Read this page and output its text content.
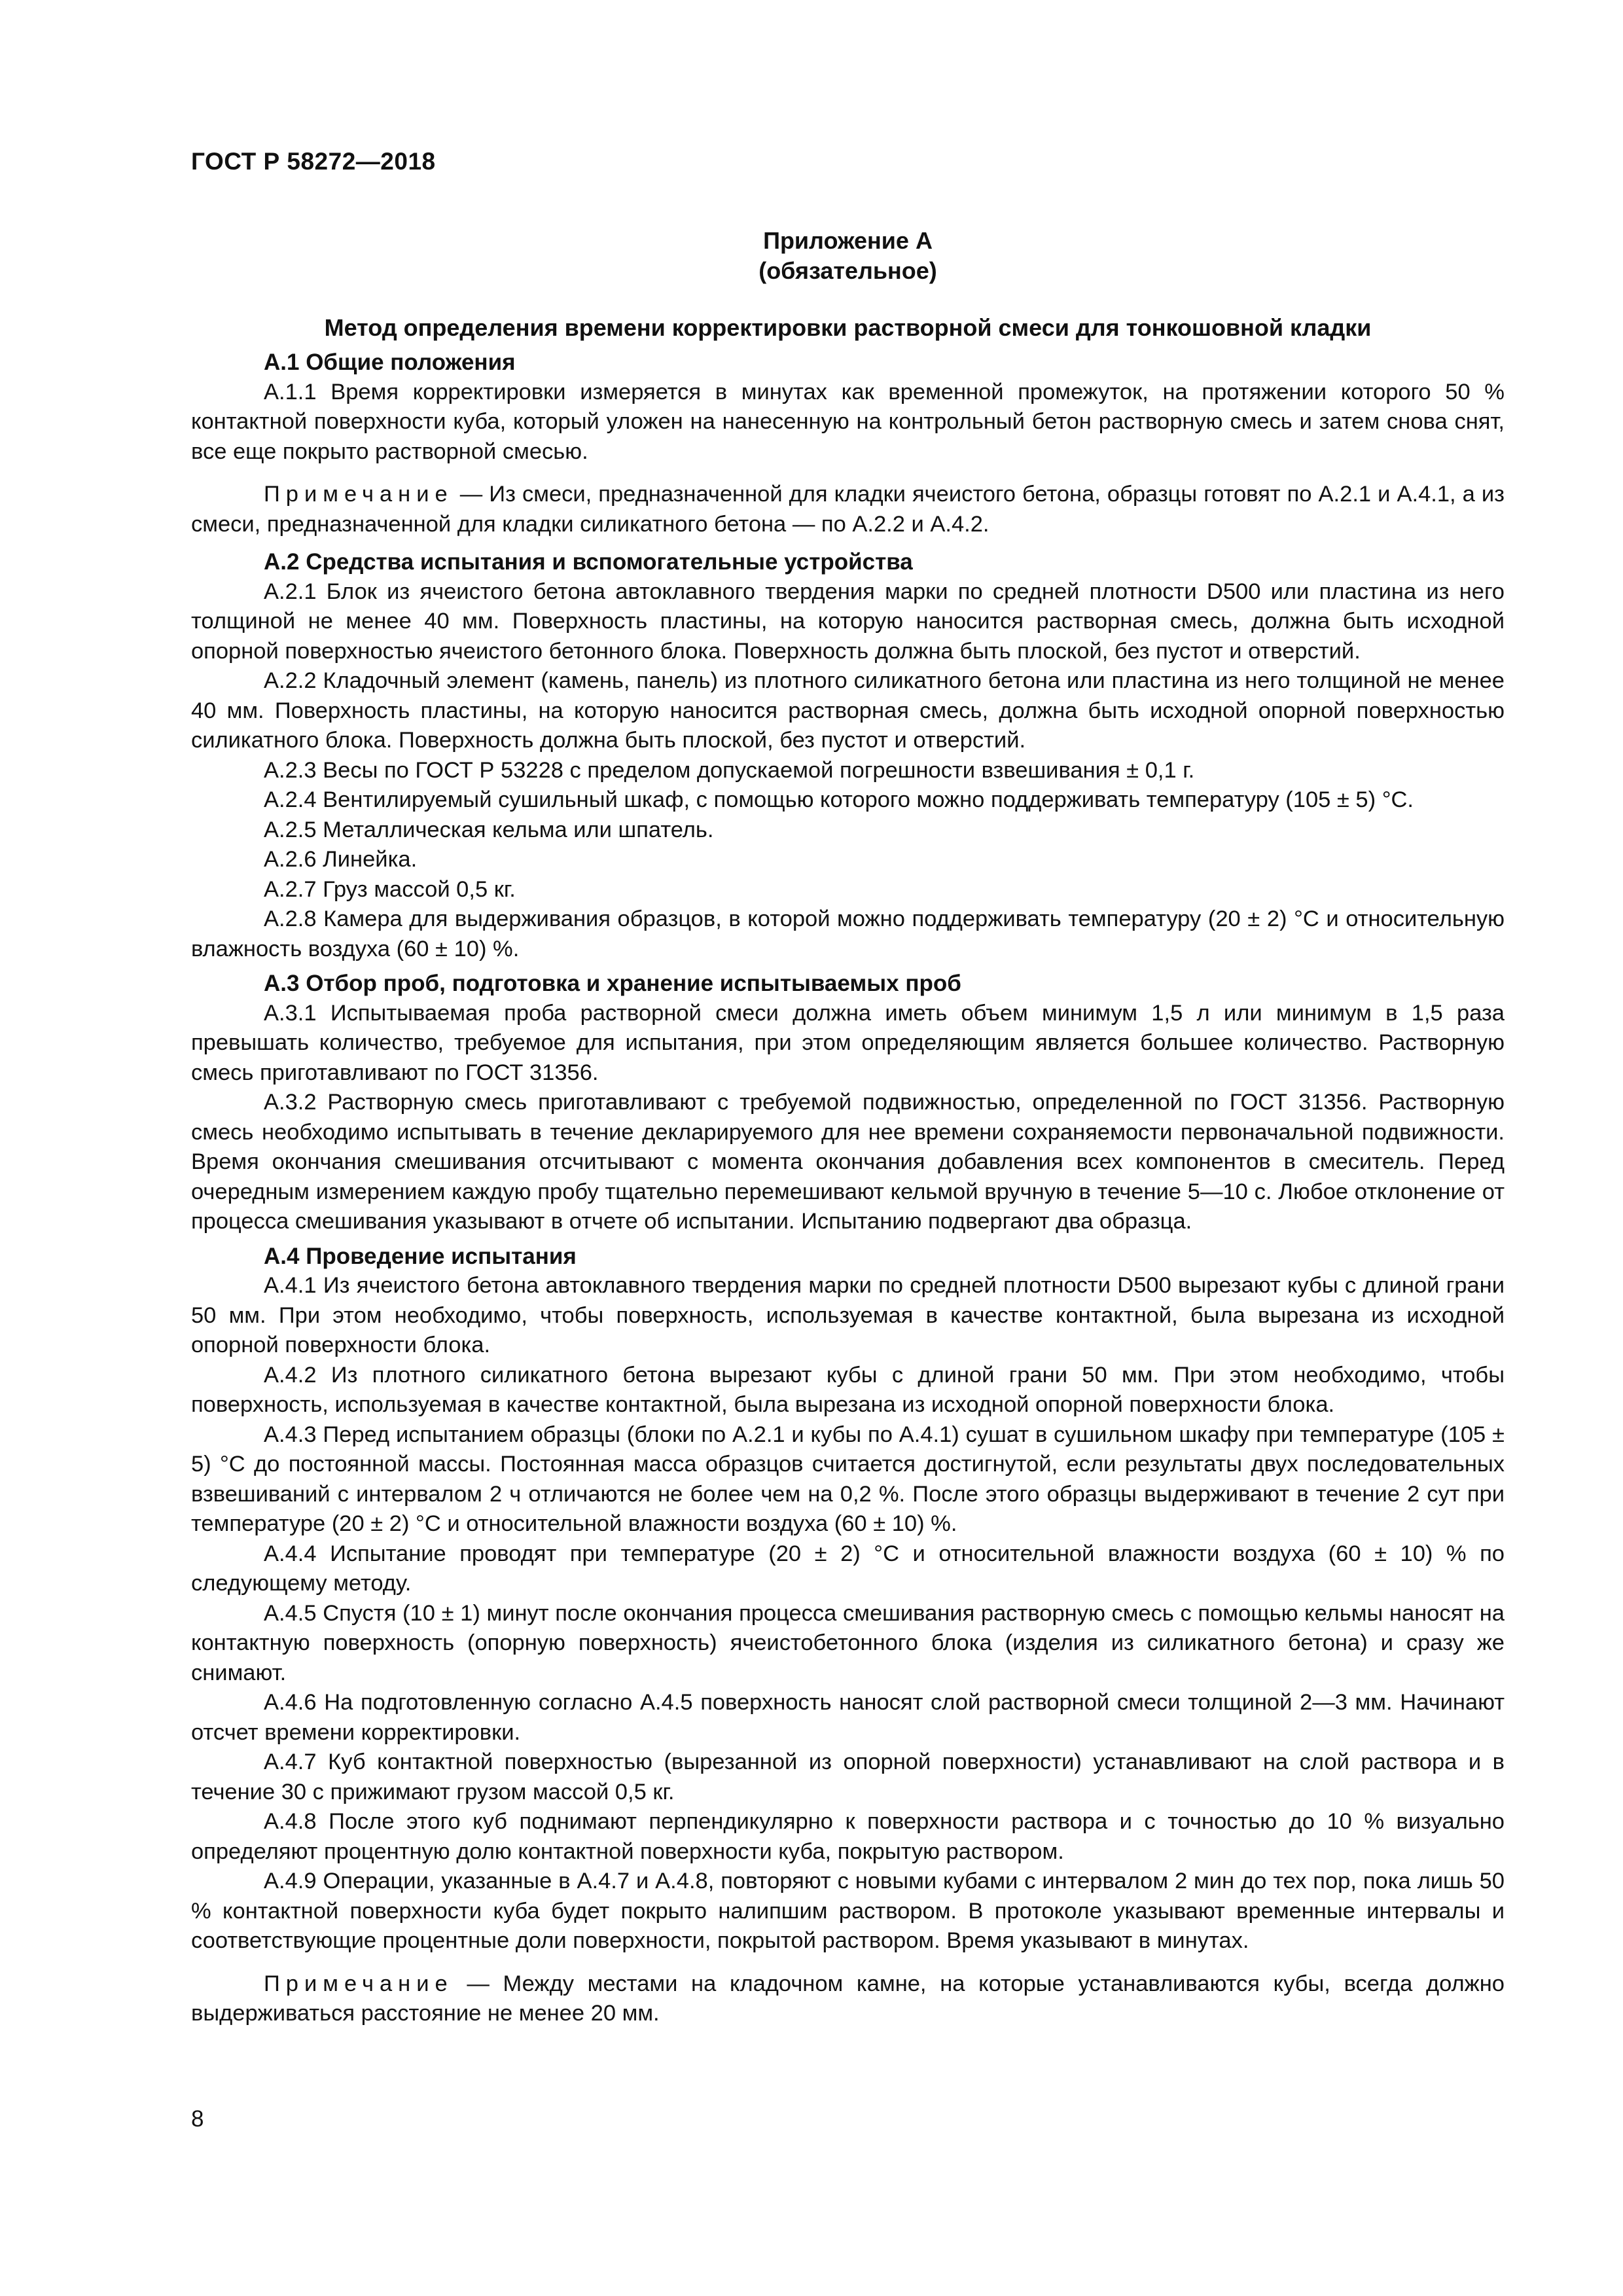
ГОСТ Р 58272—2018

Приложение А

(обязательное)

Метод определения времени корректировки растворной смеси для тонкошовной кладки

А.1 Общие положения

А.1.1 Время корректировки измеряется в минутах как временной промежуток, на протяжении которого 50 % контактной поверхности куба, который уложен на нанесенную на контрольный бетон растворную смесь и затем снова снят, все еще покрыто растворной смесью.

Примечание — Из смеси, предназначенной для кладки ячеистого бетона, образцы готовят по А.2.1 и А.4.1, а из смеси, предназначенной для кладки силикатного бетона — по А.2.2 и А.4.2.

А.2 Средства испытания и вспомогательные устройства

А.2.1 Блок из ячеистого бетона автоклавного твердения марки по средней плотности D500 или пластина из него толщиной не менее 40 мм. Поверхность пластины, на которую наносится растворная смесь, должна быть исходной опорной поверхностью ячеистого бетонного блока. Поверхность должна быть плоской, без пустот и отверстий.

А.2.2 Кладочный элемент (камень, панель) из плотного силикатного бетона или пластина из него толщиной не менее 40 мм. Поверхность пластины, на которую наносится растворная смесь, должна быть исходной опорной поверхностью силикатного блока. Поверхность должна быть плоской, без пустот и отверстий.

А.2.3 Весы по ГОСТ Р 53228 с пределом допускаемой погрешности взвешивания ± 0,1 г.

А.2.4 Вентилируемый сушильный шкаф, с помощью которого можно поддерживать температуру (105 ± 5) °С.

А.2.5 Металлическая кельма или шпатель.

А.2.6 Линейка.

А.2.7 Груз массой 0,5 кг.

А.2.8 Камера для выдерживания образцов, в которой можно поддерживать температуру (20 ± 2) °С и относительную влажность воздуха (60 ± 10) %.

А.3 Отбор проб, подготовка и хранение испытываемых проб

А.3.1 Испытываемая проба растворной смеси должна иметь объем минимум 1,5 л или минимум в 1,5 раза превышать количество, требуемое для испытания, при этом определяющим является большее количество. Растворную смесь приготавливают по ГОСТ 31356.

А.3.2 Растворную смесь приготавливают с требуемой подвижностью, определенной по ГОСТ 31356. Растворную смесь необходимо испытывать в течение декларируемого для нее времени сохраняемости первоначальной подвижности. Время окончания смешивания отсчитывают с момента окончания добавления всех компонентов в смеситель. Перед очередным измерением каждую пробу тщательно перемешивают кельмой вручную в течение 5—10 с. Любое отклонение от процесса смешивания указывают в отчете об испытании. Испытанию подвергают два образца.

А.4 Проведение испытания

А.4.1 Из ячеистого бетона автоклавного твердения марки по средней плотности D500 вырезают кубы с длиной грани 50 мм. При этом необходимо, чтобы поверхность, используемая в качестве контактной, была вырезана из исходной опорной поверхности блока.

А.4.2 Из плотного силикатного бетона вырезают кубы с длиной грани 50 мм. При этом необходимо, чтобы поверхность, используемая в качестве контактной, была вырезана из исходной опорной поверхности блока.

А.4.3 Перед испытанием образцы (блоки по А.2.1 и кубы по А.4.1) сушат в сушильном шкафу при температуре (105 ± 5) °С до постоянной массы. Постоянная масса образцов считается достигнутой, если результаты двух последовательных взвешиваний с интервалом 2 ч отличаются не более чем на 0,2 %. После этого образцы выдерживают в течение 2 сут при температуре (20 ± 2) °С и относительной влажности воздуха (60 ± 10) %.

А.4.4 Испытание проводят при температуре (20 ± 2) °С и относительной влажности воздуха (60 ± 10) % по следующему методу.

А.4.5 Спустя (10 ± 1) минут после окончания процесса смешивания растворную смесь с помощью кельмы наносят на контактную поверхность (опорную поверхность) ячеистобетонного блока (изделия из силикатного бетона) и сразу же снимают.

А.4.6 На подготовленную согласно А.4.5 поверхность наносят слой растворной смеси толщиной 2—3 мм. Начинают отсчет времени корректировки.

А.4.7 Куб контактной поверхностью (вырезанной из опорной поверхности) устанавливают на слой раствора и в течение 30 с прижимают грузом массой 0,5 кг.

А.4.8 После этого куб поднимают перпендикулярно к поверхности раствора и с точностью до 10 % визуально определяют процентную долю контактной поверхности куба, покрытую раствором.

А.4.9 Операции, указанные в А.4.7 и А.4.8, повторяют с новыми кубами с интервалом 2 мин до тех пор, пока лишь 50 % контактной поверхности куба будет покрыто налипшим раствором. В протоколе указывают временные интервалы и соответствующие процентные доли поверхности, покрытой раствором. Время указывают в минутах.

Примечание — Между местами на кладочном камне, на которые устанавливаются кубы, всегда должно выдерживаться расстояние не менее 20 мм.

8
